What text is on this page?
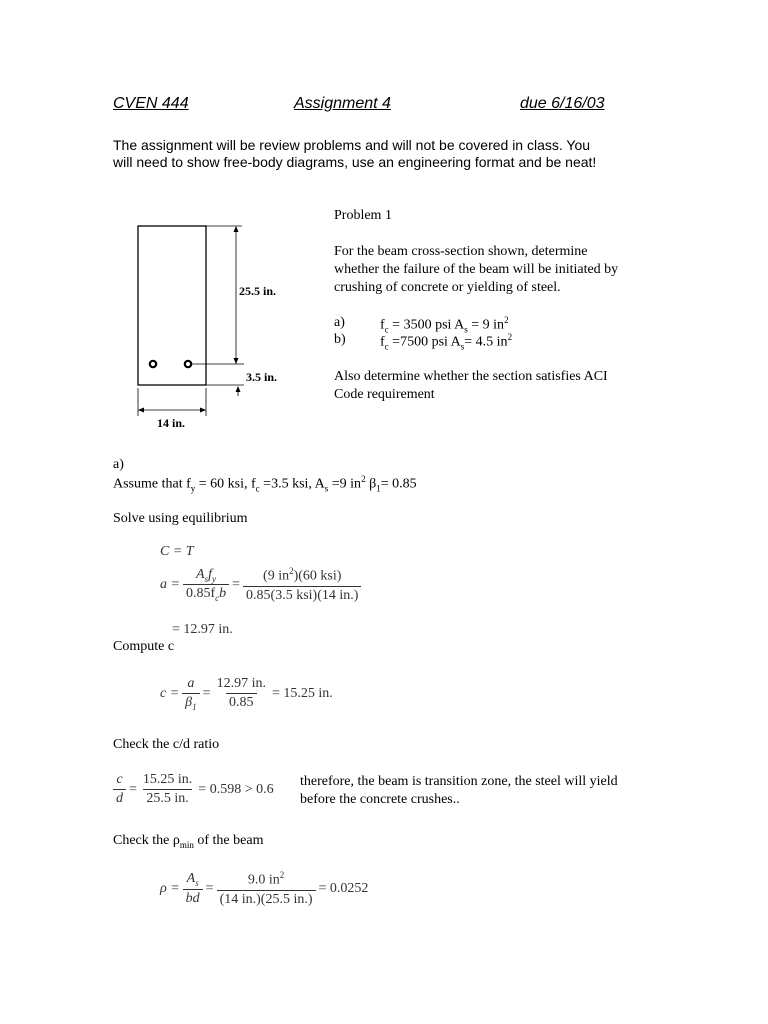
CVEN 444	Assignment 4	due 6/16/03
The assignment will be review problems and will not be covered in class. You
will need to show free-body diagrams, use an engineering format and be neat!
25.5 in.
3.5 in.
14 in.
Problem 1
For the beam cross-section shown, determine
whether the failure of the beam will be initiated by
crushing of concrete or yielding of steel.
a)	$f_c = 3500$ psi $A_s = 9$ $in^2$
b) $f_c =7500$ psi $A_s= 4.5$ $in^2$
Also determine whether the section satisfies ACI
Code requirement
a)
Assume that $f_y = 60$ ksi, $f_c =3.5$ ksi, $A_s =9$ $in^2$ $\beta_1= 0.85$
Solve using equilibrium
C = T
$a = \frac{A_sf_y}{0.85f_cb} = \frac{(9 in^2)(60 ksi)}{\text{0.85(3.5 ksi)(14 in.)}}$
= 12.97 in.
Compute c
$c = \frac{a}{\beta_1} = \frac{12.97 in.}{0.85} = 15.25$ in.
Check the c/d ratio
$\frac{c}{d} = \frac{15.25 in.}{25.5 in.} = 0.598 > 0.6$ therefore, the beam is transition zone, the steel will yield
before the concrete crushes..
Check the $\rho_{min}$ of the beam
$\rho = \frac{A_s}{bd} = \frac{9.0 in^2}{(14 in.)(25.5 in.)} = 0.0252$
